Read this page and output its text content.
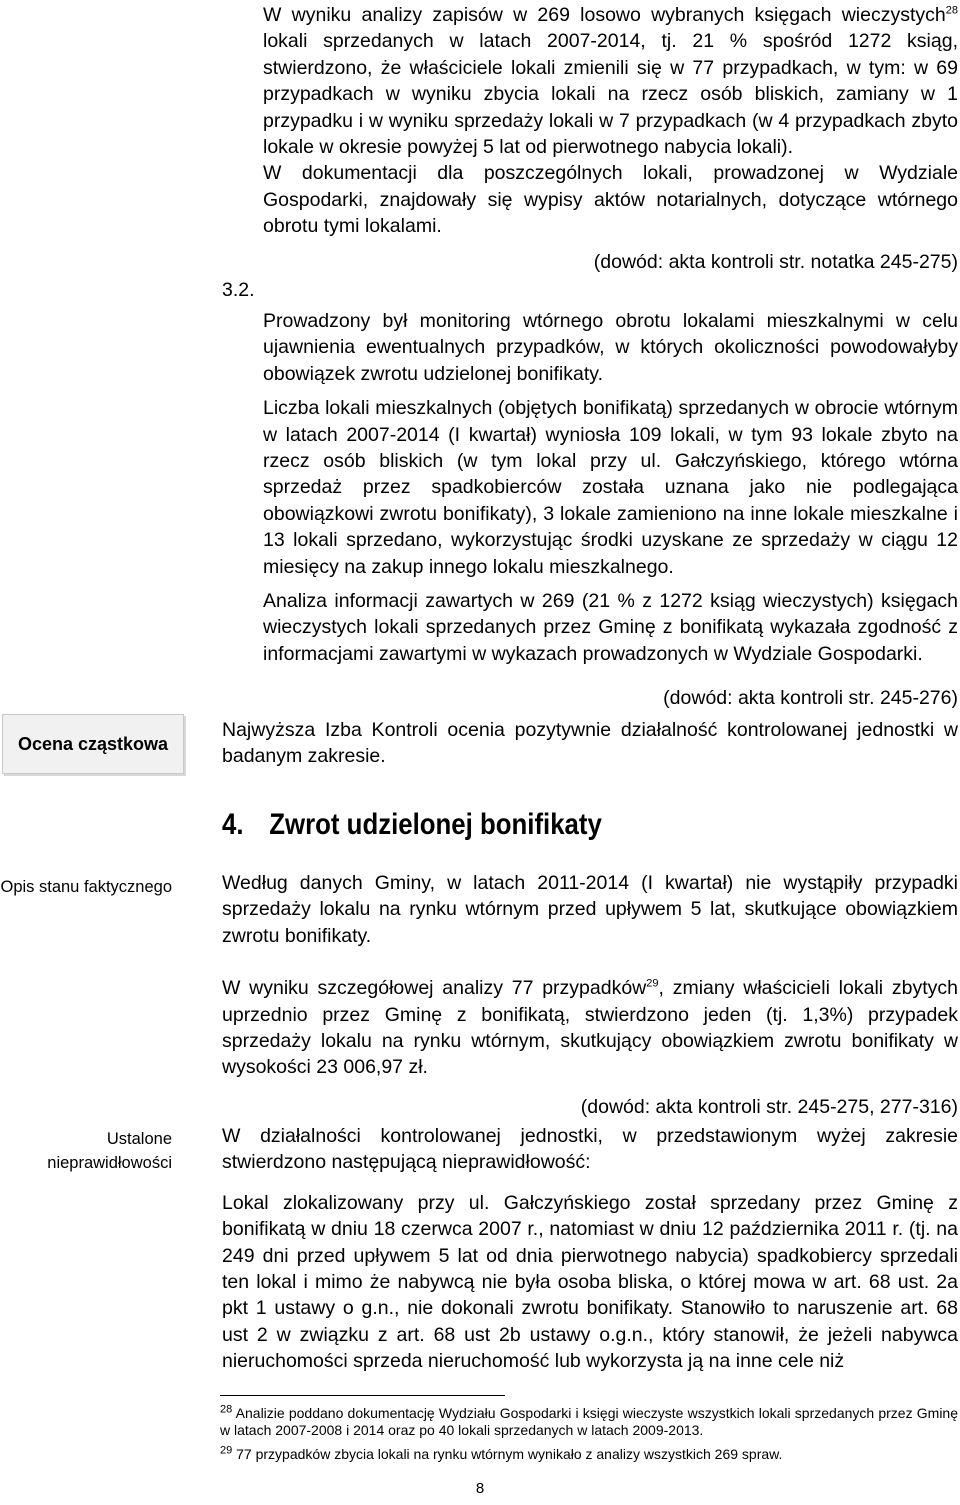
W wyniku analizy zapisów w 269 losowo wybranych księgach wieczystych$^{28}$ lokali sprzedanych w latach 2007-2014, tj. 21 % spośród 1272 ksiąg, stwierdzono, że właściciele lokali zmienili się w 77 przypadkach, w tym: w 69 przypadkach w wyniku zbycia lokali na rzecz osób bliskich, zamiany w 1 przypadku i w wyniku sprzedaży lokali w 7 przypadkach (w 4 przypadkach zbyto lokale w okresie powyżej 5 lat od pierwotnego nabycia lokali).

W dokumentacji dla poszczególnych lokali, prowadzonej w Wydziale Gospodarki, znajdowały się wypisy aktów notarialnych, dotyczące wtórnego obrotu tymi lokalami.

(dowód: akta kontroli str. notatka 245-275)
3.2.

Prowadzony był monitoring wtórnego obrotu lokalami mieszkalnymi w celu ujawnienia ewentualnych przypadków, w których okoliczności powodowałyby obowiązek zwrotu udzielonej bonifikaty.

Liczba lokali mieszkalnych (objętych bonifikatą) sprzedanych w obrocie wtórnym w latach 2007-2014 (I kwartał) wyniosła 109 lokali, w tym 93 lokale zbyto na rzecz osób bliskich (w tym lokal przy ul. Gałczyńskiego, którego wtórna sprzedaż przez spadkobierców została uznana jako nie podlegająca obowiązkowi zwrotu bonifikaty), 3 lokale zamieniono na inne lokale mieszkalne i 13 lokali sprzedano, wykorzystując środki uzyskane ze sprzedaży w ciągu 12 miesięcy na zakup innego lokalu mieszkalnego.

Analiza informacji zawartych w 269 (21 % z 1272 ksiąg wieczystych) księgach wieczystych lokali sprzedanych przez Gminę z bonifikatą wykazała zgodność z informacjami zawartymi w wykazach prowadzonych w Wydziale Gospodarki.

(dowód: akta kontroli str. 245-276)
Ocena cząstkowa
Najwyższa Izba Kontroli ocenia pozytywnie działalność kontrolowanej jednostki w badanym zakresie.
4. Zwrot udzielonej bonifikaty
Opis stanu faktycznego
Ustalone nieprawidłowości

Według danych Gminy, w latach 2011-2014 (I kwartał) nie wystąpiły przypadki sprzedaży lokalu na rynku wtórnym przed upływem 5 lat, skutkujące obowiązkiem zwrotu bonifikaty.

W wyniku szczegółowej analizy 77 przypadków$^{29}$, zmiany właścicieli lokali zbytych uprzednio przez Gminę z bonifikatą, stwierdzono jeden (tj. 1,3%) przypadek sprzedaży lokalu na rynku wtórnym, skutkujący obowiązkiem zwrotu bonifikaty w wysokości 23 006,97 zł.

(dowód: akta kontroli str. 245-275, 277-316)

W działalności kontrolowanej jednostki, w przedstawionym wyżej zakresie stwierdzono następującą nieprawidłowość:

Lokal zlokalizowany przy ul. Gałczyńskiego został sprzedany przez Gminę z bonifikatą w dniu 18 czerwca 2007 r., natomiast w dniu 12 października 2011 r. (tj. na 249 dni przed upływem 5 lat od dnia pierwotnego nabycia) spadkobiercy sprzedali ten lokal i mimo że nabywcą nie była osoba bliska, o której mowa w art. 68 ust. 2a pkt 1 ustawy o g.n., nie dokonali zwrotu bonifikaty. Stanowiło to naruszenie art. 68 ust 2 w związku z art. 68 ust 2b ustawy o.g.n., który stanowił, że jeżeli nabywca nieruchomości sprzeda nieruchomość lub wykorzysta ją na inne cele niż

$^{28}$ Analizie poddano dokumentację Wydziału Gospodarki i księgi wieczyste wszystkich lokali sprzedanych przez Gminę w latach 2007-2008 i 2014 oraz po 40 lokali sprzedanych w latach 2009-2013.
$^{29}$ 77 przypadków zbycia lokali na rynku wtórnym wynikało z analizy wszystkich 269 spraw.
8
